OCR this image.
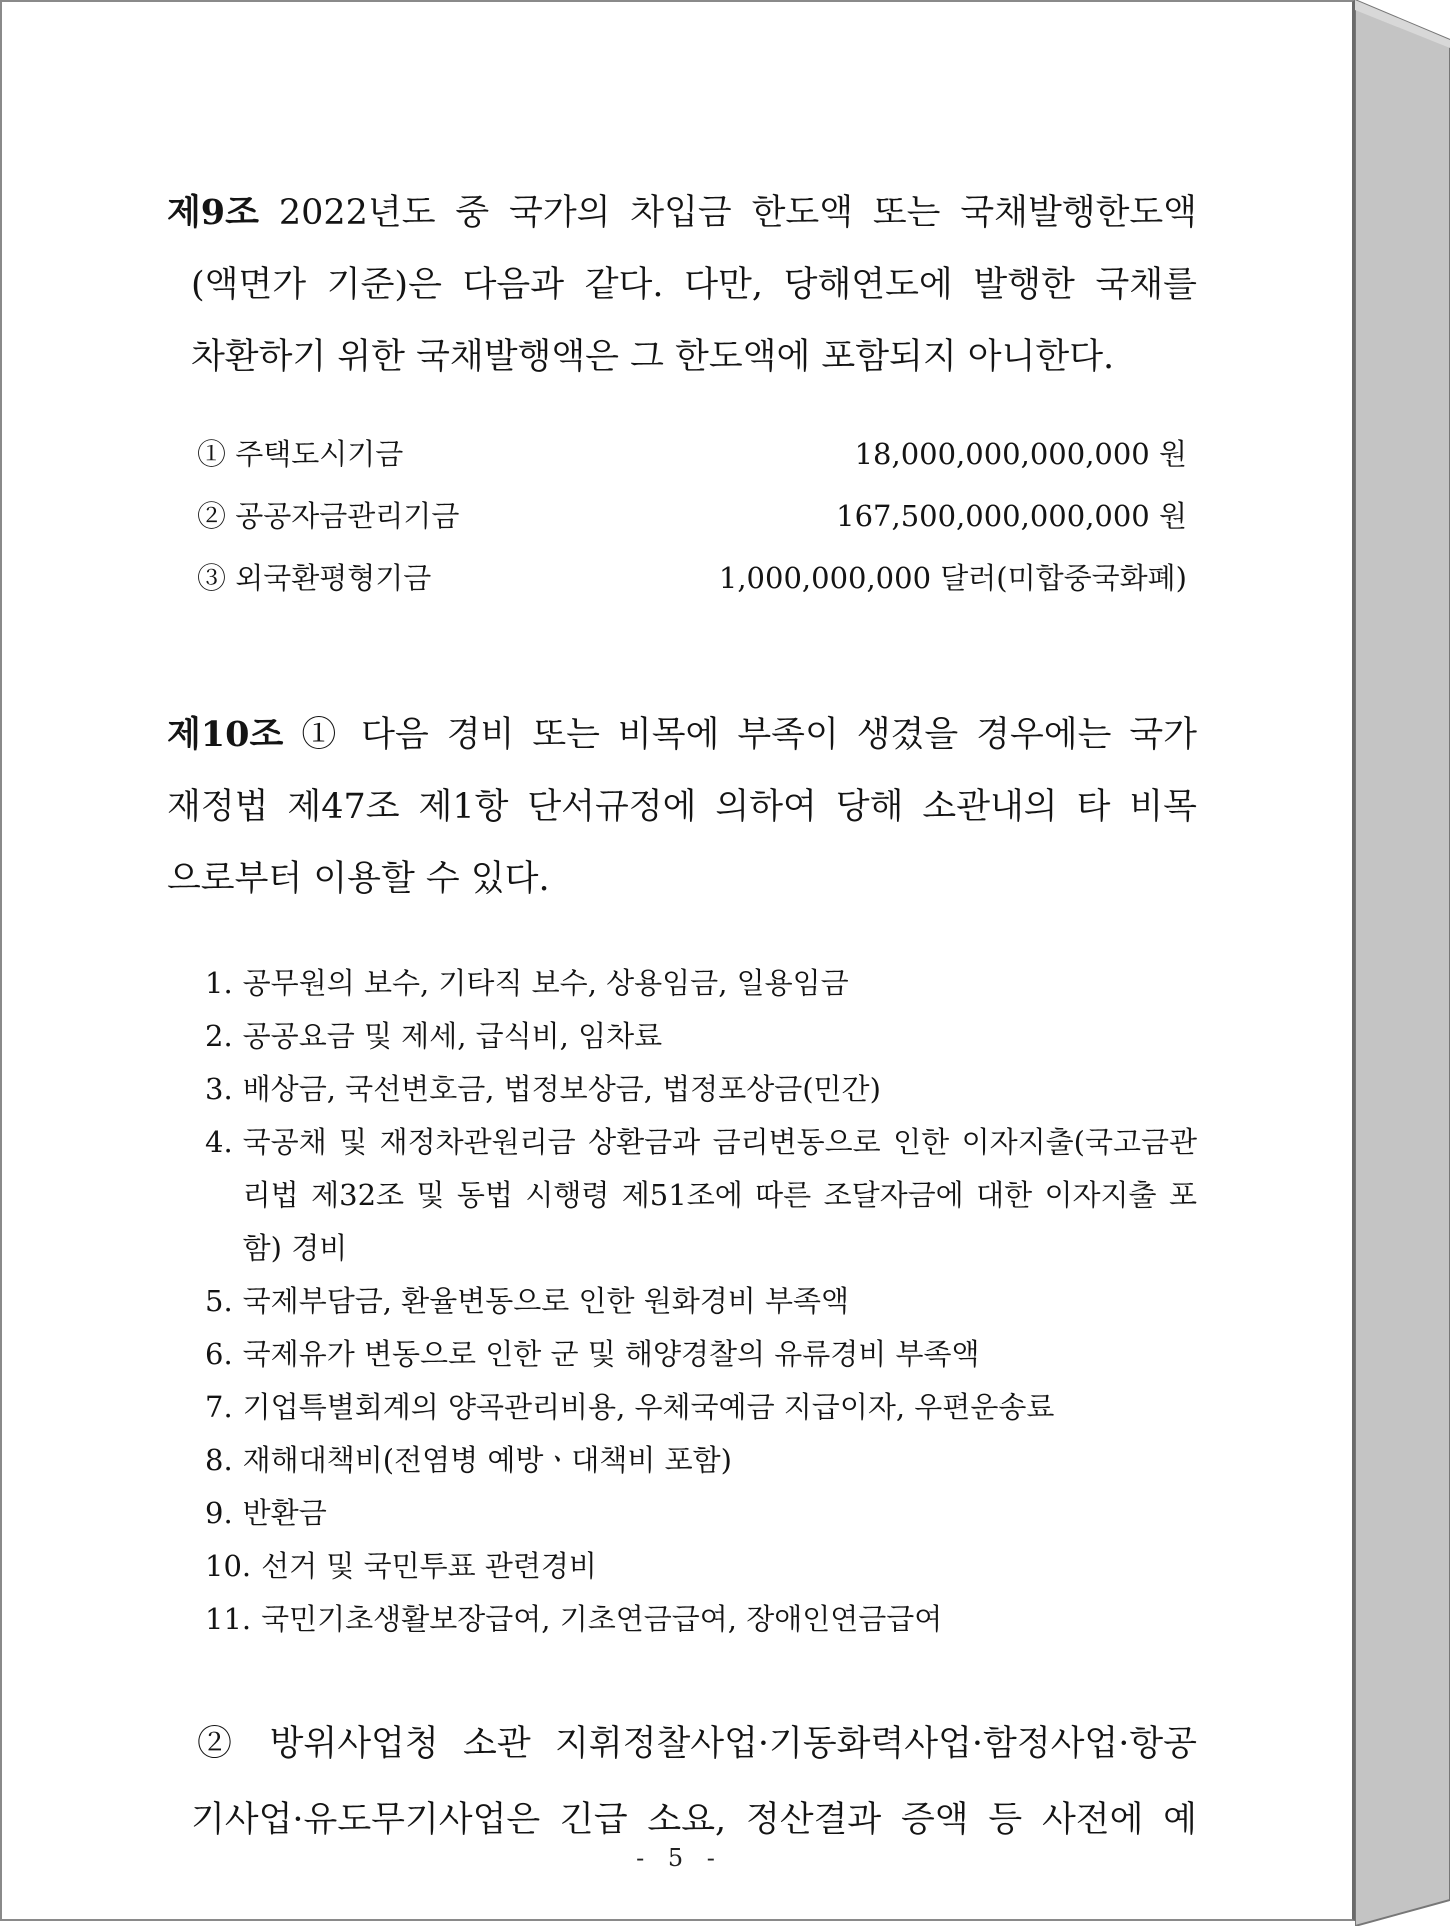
제9조 2022년도 중 국가의 차입금 한도액 또는 국채발행한도액

(액면가 기준)은 다음과 같다. 다만, 당해연도에 발행한 국채를

차환하기 위한 국채발행액은 그 한도액에 포함되지 아니한다.

① 주택도시기금	18,000,000,000,000 원
② 공공자금관리기금	167,500,000,000,000 원
③ 외국환평형기금	1,000,000,000 달러(미합중국화폐)

제10조 ① 다음 경비 또는 비목에 부족이 생겼을 경우에는 국가

재정법 제47조 제1항 단서규정에 의하여 당해 소관내의 타 비목

으로부터 이용할 수 있다.

1. 공무원의 보수, 기타직 보수, 상용임금, 일용임금
2. 공공요금 및 제세, 급식비, 임차료
3. 배상금, 국선변호금, 법정보상금, 법정포상금(민간)
4. 국공채 및 재정차관원리금 상환금과 금리변동으로 인한 이자지출(국고금관리법 제32조 및 동법 시행령 제51조에 따른 조달자금에 대한 이자지출 포함) 경비
5. 국제부담금, 환율변동으로 인한 원화경비 부족액
6. 국제유가 변동으로 인한 군 및 해양경찰의 유류경비 부족액
7. 기업특별회계의 양곡관리비용, 우체국예금 지급이자, 우편운송료
8. 재해대책비(전염병 예방ㆍ대책비 포함)
9. 반환금
10. 선거 및 국민투표 관련경비
11. 국민기초생활보장급여, 기초연금급여, 장애인연금급여

② 방위사업청 소관 지휘정찰사업·기동화력사업·함정사업·항공

기사업·유도무기사업은 긴급 소요, 정산결과 증액 등 사전에 예

- 5 -
